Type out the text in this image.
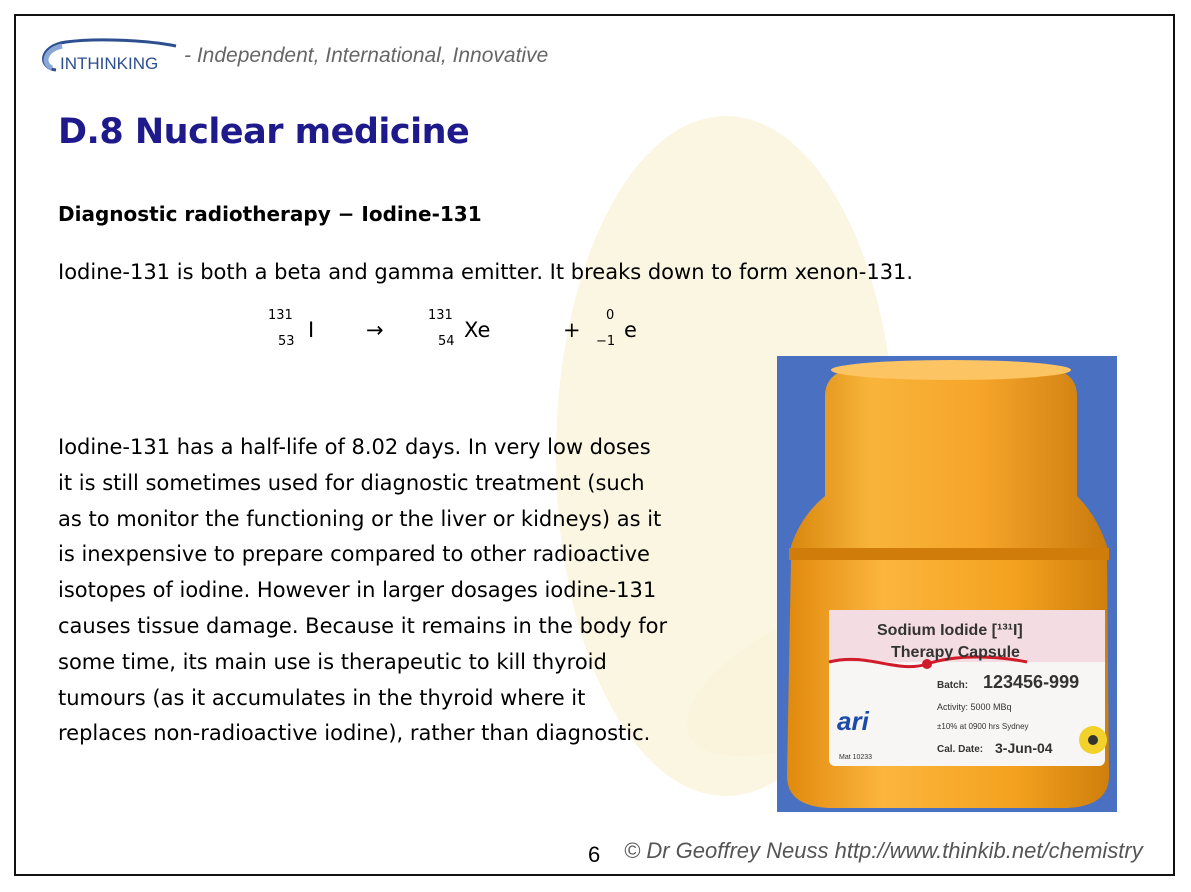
INTHINKING - Independent, International, Innovative
D.8 Nuclear medicine
Diagnostic radiotherapy − Iodine-131
Iodine-131 is both a beta and gamma emitter. It breaks down to form xenon-131.
131
53 I →
131
54 Xe	+
0
−1 e
Iodine-131 has a half-life of 8.02 days. In very low doses
it is still sometimes used for diagnostic treatment (such
as to monitor the functioning or the liver or kidneys) as it
is inexpensive to prepare compared to other radioactive
isotopes of iodine. However in larger dosages iodine-131
causes tissue damage. Because it remains in the body for
some time, its main use is therapeutic to kill thyroid
tumours (as it accumulates in the thyroid where it
replaces non-radioactive iodine), rather than diagnostic.
Sodium Iodide [¹³¹I]
Therapy Capsule
Batch: 123456-999
Activity: 5000 MBq
±10% at 0900 hrs Sydney
Cal. Date: 3-Jun-04
ari
Mat 10233
6 © Dr Geoffrey Neuss http://www.thinkib.net/chemistry
